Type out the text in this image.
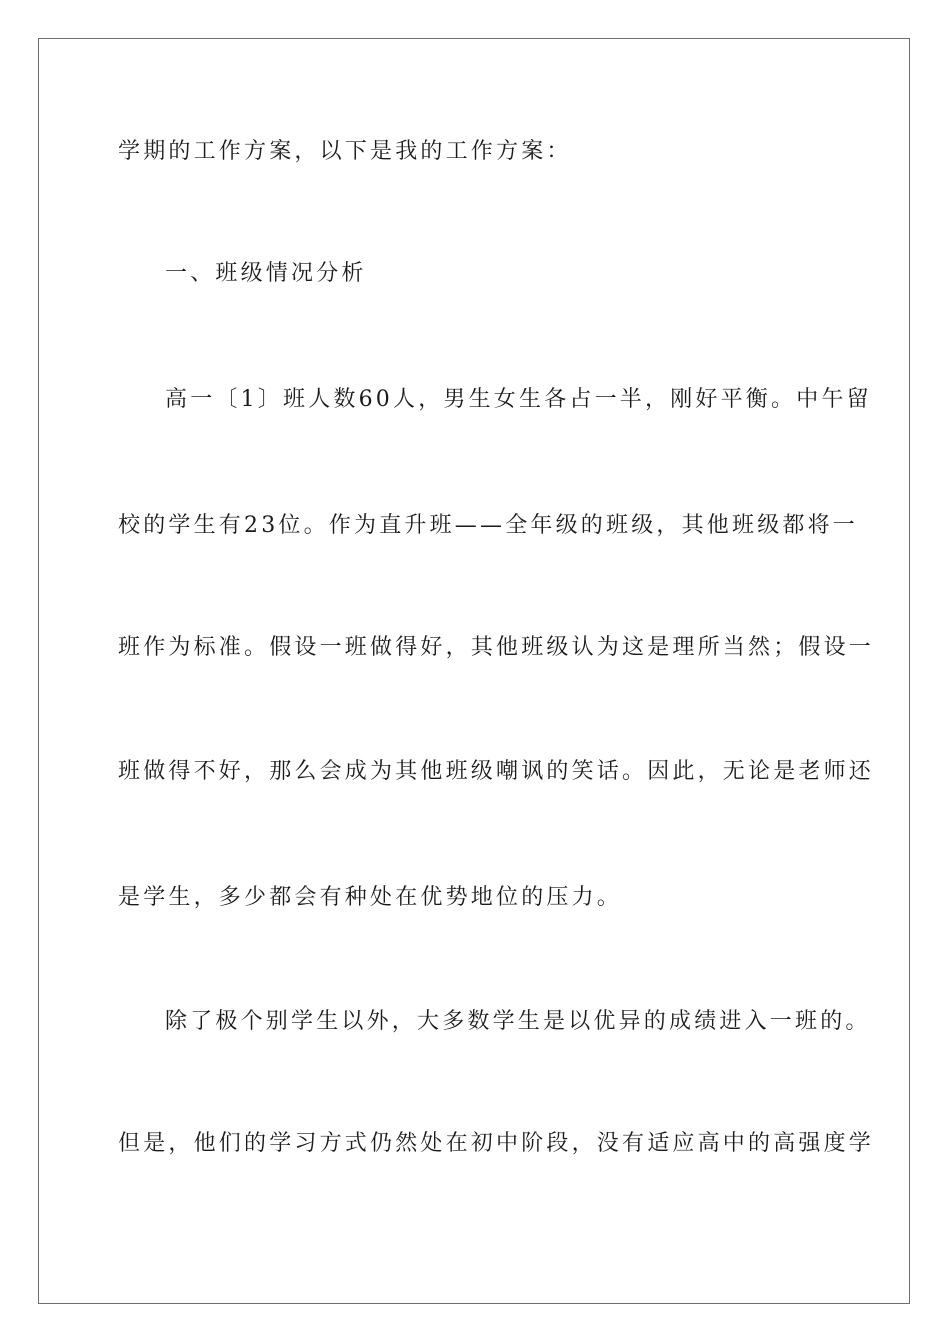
学期的工作方案，以下是我的工作方案：
一、班级情况分析
高一〔1〕班人数60人，男生女生各占一半，刚好平衡。中午留
校的学生有23位。作为直升班——全年级的班级，其他班级都将一
班作为标准。假设一班做得好，其他班级认为这是理所当然；假设一
班做得不好，那么会成为其他班级嘲讽的笑话。因此，无论是老师还
是学生，多少都会有种处在优势地位的压力。
除了极个别学生以外，大多数学生是以优异的成绩进入一班的。
但是，他们的学习方式仍然处在初中阶段，没有适应高中的高强度学
